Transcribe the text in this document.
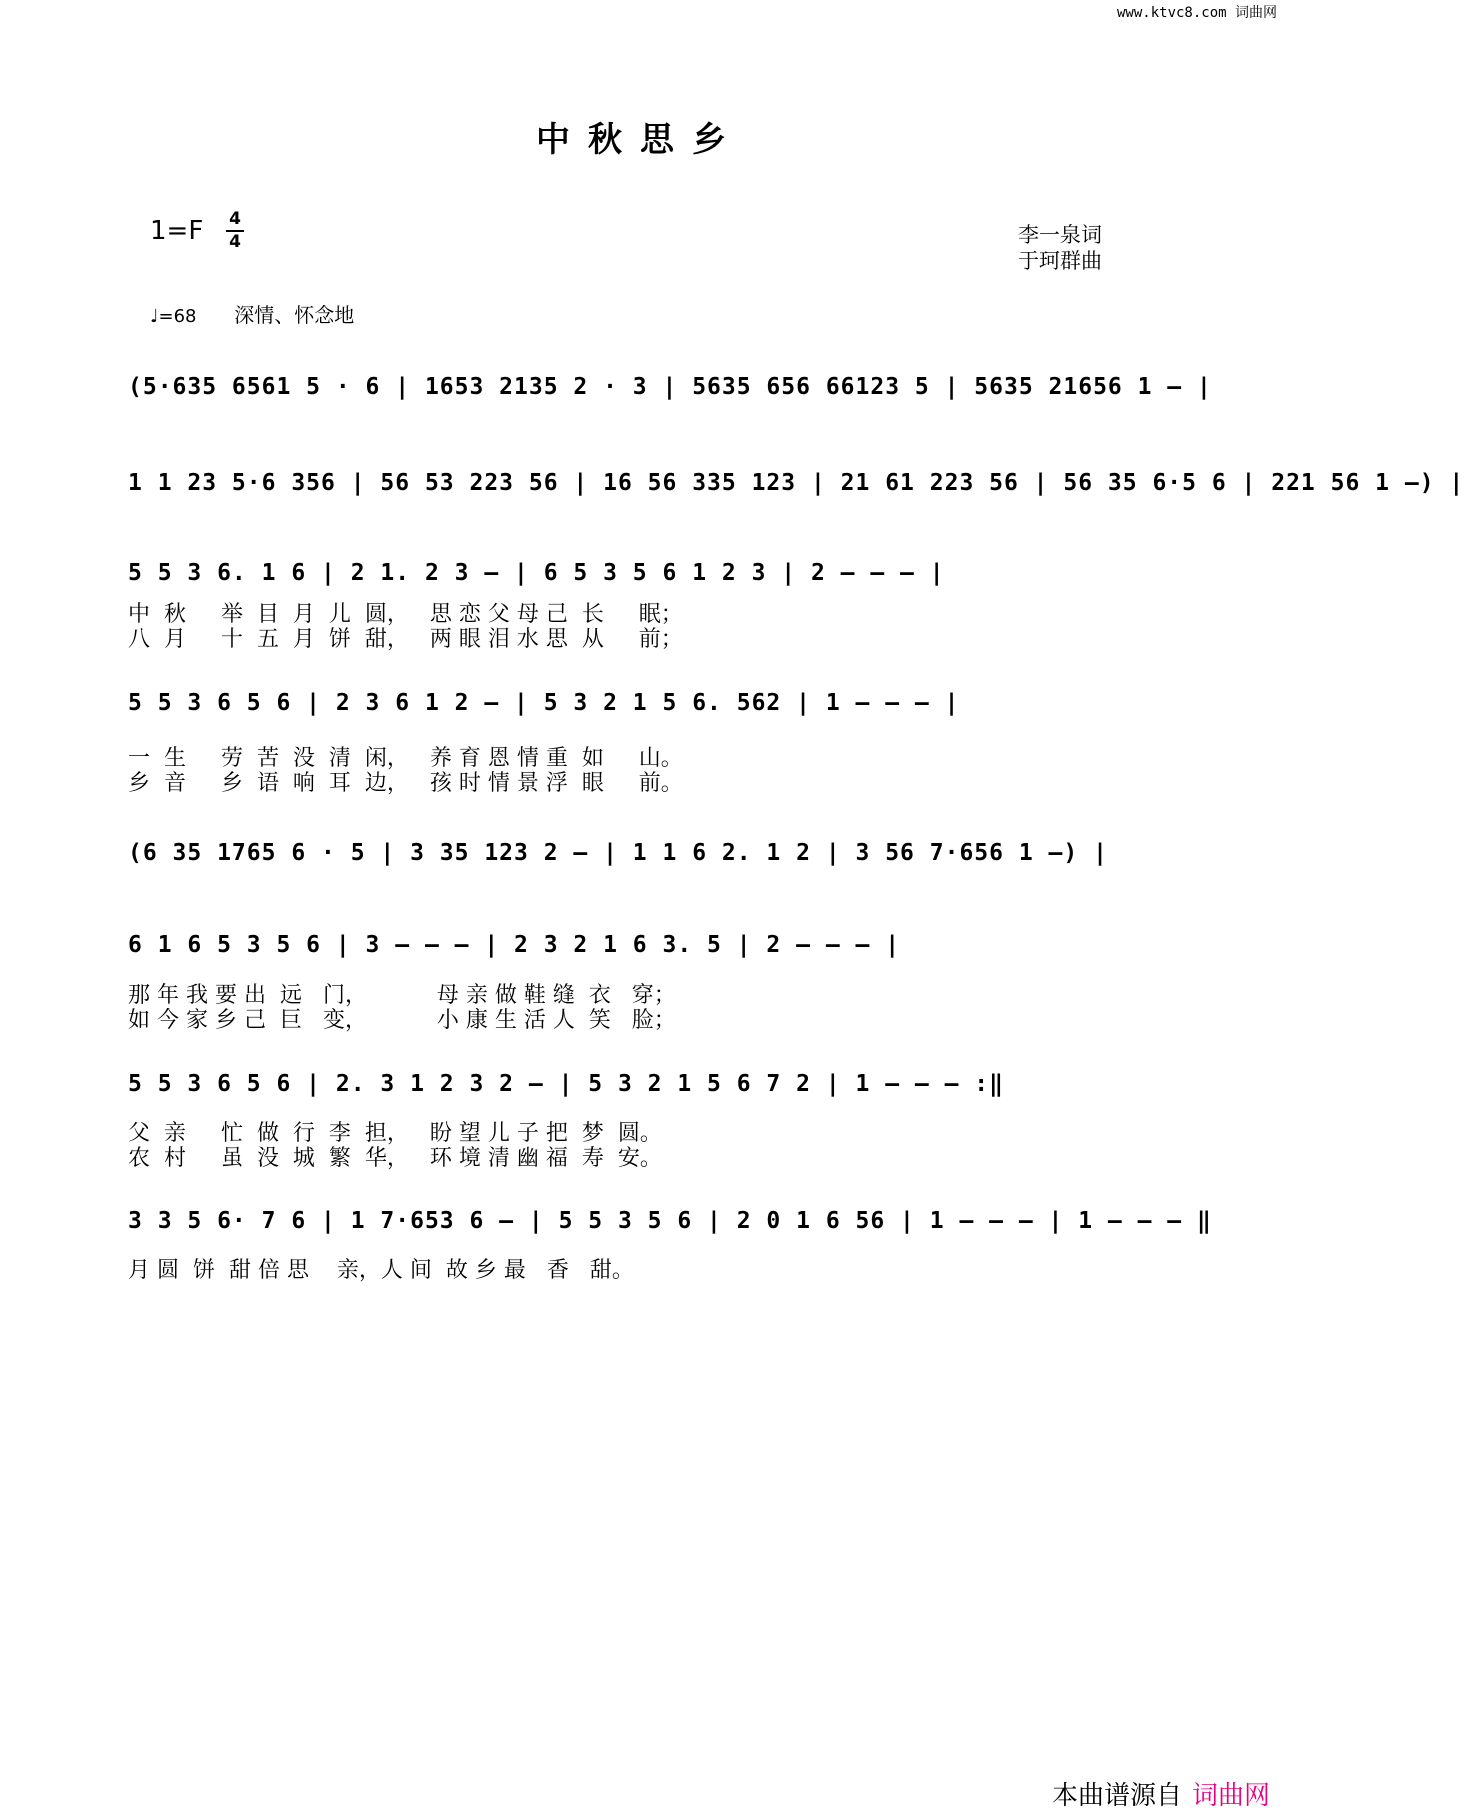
www.ktvc8.com 词曲网
中秋思乡
1=F 4
4	李一泉词
于珂群曲
♩=68 深情、怀念地
(5·635 6561 5 · 6 | 1653 2135 2 · 3 | 5635 656 66123 5 | 5635 21656 1 – |
1 1 23 5·6 356 | 56 53 223 56 | 16 56 335 123 | 21 61 223 56 | 56 35 6·5 6 | 221 56 1 –) |
5 5 3 6. 1 6 | 2 1. 2 3 – | 6 5 3 5 6 1 2 3 | 2 – – – |
中  秋     举  目  月  儿  圆，   思 恋 父 母 己  长     眠；
八  月     十  五  月  饼  甜，   两 眼 泪 水 思  从     前；
5 5 3 6 5 6 | 2 3 6 1 2 – | 5 3 2 1 5 6. 562 | 1 – – – |
一  生     劳  苦  没  清  闲，   养 育 恩 情 重  如     山。
乡  音     乡  语  响  耳  边，   孩 时 情 景 浮  眼     前。
(6 35 1765 6 · 5 | 3 35 123 2 – | 1 1 6 2. 1 2 | 3 56 7·656 1 –) |
6 1 6 5 3 5 6 | 3 – – – | 2 3 2 1 6 3. 5 | 2 – – – |
那 年 我 要 出  远   门，          母 亲 做 鞋 缝  衣   穿；
如 今 家 乡 己  巨   变，          小 康 生 活 人  笑   脸；
5 5 3 6 5 6 | 2. 3 1 2 3 2 – | 5 3 2 1 5 6 7 2 | 1 – – – :‖
父  亲     忙  做  行  李  担，   盼 望 儿 子 把  梦  圆。
农  村     虽  没  城  繁  华，   环 境 清 幽 福  寿  安。
3 3 5 6· 7 6 | 1 7·653 6 – | 5 5 3 5 6 | 2 0 1 6 56 | 1 – – – | 1 – – – ‖
月 圆  饼  甜 倍 思    亲，人 间  故 乡 最   香   甜。
本曲谱源自 词曲网
